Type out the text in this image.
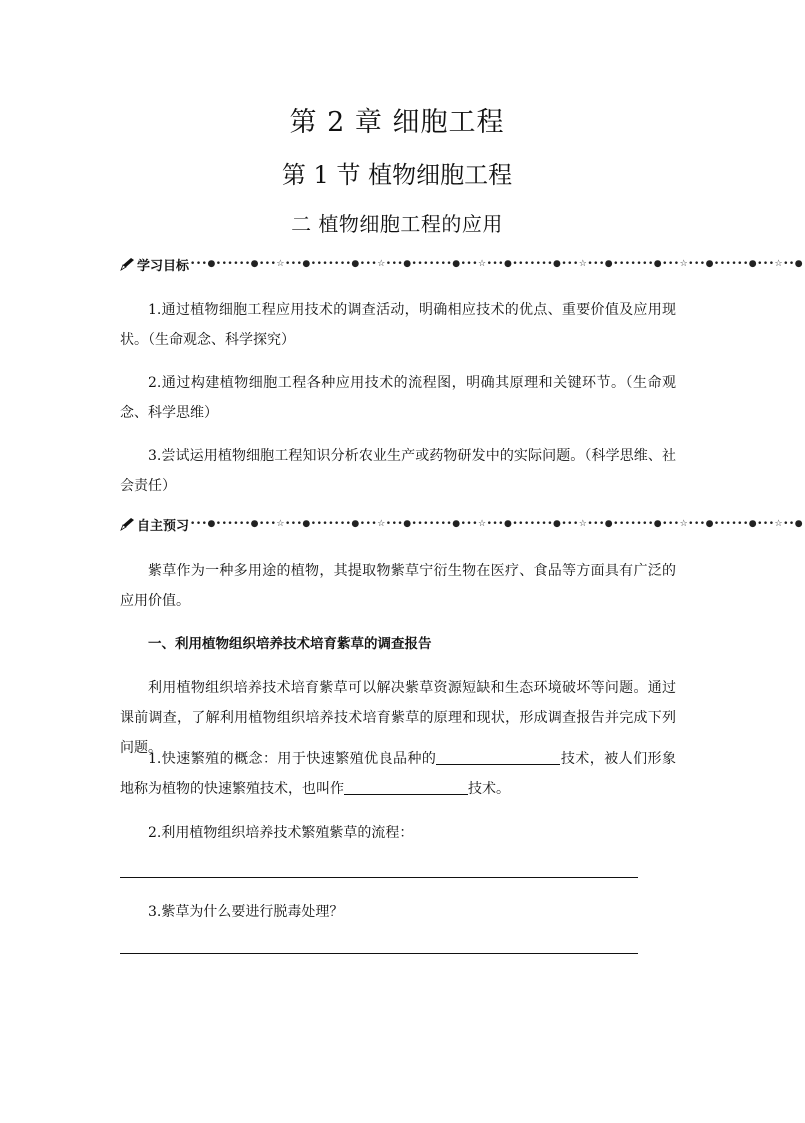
第 2 章 细胞工程
第 1 节 植物细胞工程
二 植物细胞工程的应用
学习目标 •••●••••••●•••☆•••●•••••••●•••☆•••●•••••••●•••☆•••●•••••••●•••☆•••●•••••••●•••☆•••●••••••●•••☆••●
1.通过植物细胞工程应用技术的调查活动，明确相应技术的优点、重要价值及应用现状。（生命观念、科学探究）
2.通过构建植物细胞工程各种应用技术的流程图，明确其原理和关键环节。（生命观念、科学思维）
3.尝试运用植物细胞工程知识分析农业生产或药物研发中的实际问题。（科学思维、社会责任）
自主预习 •••●••••••●•••☆•••●•••••••●•••☆•••●•••••••●•••☆•••●•••••••●•••☆•••●•••••••●•••☆•••●••••••●•••☆••●
紫草作为一种多用途的植物，其提取物紫草宁衍生物在医疗、食品等方面具有广泛的应用价值。
一、利用植物组织培养技术培育紫草的调查报告
利用植物组织培养技术培育紫草可以解决紫草资源短缺和生态环境破坏等问题。通过课前调查，了解利用植物组织培养技术培育紫草的原理和现状，形成调查报告并完成下列问题。
1.快速繁殖的概念：用于快速繁殖优良品种的	技术，被人们形象地称为植物的快速繁殖技术，也叫作	技术。
2.利用植物组织培养技术繁殖紫草的流程：
3.紫草为什么要进行脱毒处理？
